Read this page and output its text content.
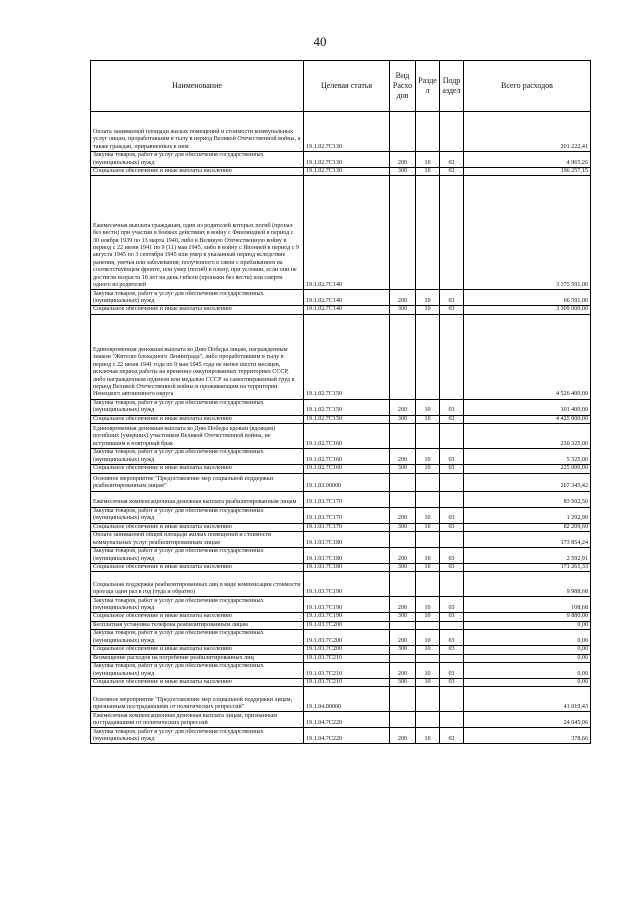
40
Наименование	Целевая статья	Вид Расхо дов	Разде л	Подр аздел	Всего расходов
Оплата занимаемой площади жилых помещений и стоимости коммунальных услуг лицам, проработавшим в тылу в период Великой Отечественной войны, а также граждан, приравненных к ним	19.1.02.7С130				201 222,41
Закупка товаров, работ и услуг для обеспечения государственных (муниципальных) нужд	19.1.02.7С130	200	10	03	4 965,26
Социальное обеспечение и иные выплаты населению	19.1.02.7С130	300	10	03	196 257,15
Ежемесячная выплата гражданам, один из родителей которых погиб (пропал без вести) при участии в боевых действиях в войну с Финляндией в период с 30 ноября 1939 по 13 марта 1940, либо в Великую Отечественную войну в период с 22 июня 1941 по 9 (11) мая 1945, либо в войну с Японией в период с 9 августа 1945 по 3 сентября 1945 или умер в указанный период вследствие ранения, увечья или заболевания, полученного в связи с пребыванием на соответствующем фронте, или умер (погиб) в плену, при условии, если они не достигли возраста 18 лет на день гибели (пропажи без вести) или смерти одного из родителей	19.1.02.7С140				3 375 591,00
Закупка товаров, работ и услуг для обеспечения государственных (муниципальных) нужд	19.1.02.7С140	200	10	03	66 591,00
Социальное обеспечение и иные выплаты населению	19.1.02.7С140	300	10	03	3 309 000,00
Единовременная денежная выплата ко Дню Победы лицам, награжденным знаком "Жителю блокадного Ленинграда", либо проработавшим в тылу в период с 22 июня 1941 года по 9 мая 1945 года не менее шести месяцев, исключая период работы на временно оккупированных территориях СССР, либо награжденным орденом или медалью СССР за самоотверженный труд в период Великой Отечественной войны и проживающим на территории Ненецкого автономного округа	19.1.02.7С150				4 526 400,00
Закупка товаров, работ и услуг для обеспечения государственных (муниципальных) нужд	19.1.02.7С150	200	10	03	101 400,00
Социальное обеспечение и иные выплаты населению	19.1.02.7С150	300	10	03	4 425 000,00
Единовременная денежная выплата ко Дню Победы вдовам (вдовцам) погибших (умерших) участников Великой Отечественной войны, не вступившим в повторный брак	19.1.02.7С160				230 325,00
Закупка товаров, работ и услуг для обеспечения государственных (муниципальных) нужд	19.1.02.7С160	200	10	03	5 325,00
Социальное обеспечение и иные выплаты населению	19.1.02.7С160	300	10	03	225 000,00
Основное мероприятие "Предоставление мер социальной поддержки реабилитированным лицам"	19.1.03.00000				267 345,42
Ежемесячная компенсационная денежная выплата реабилитированным лицам	19.1.03.7С170				83 502,50
Закупка товаров, работ и услуг для обеспечения государственных (муниципальных) нужд	19.1.03.7С170	200	10	03	1 292,90
Социальное обеспечение и иные выплаты населению	19.1.03.7С170	300	10	03	82 209,60
Оплата занимаемой общей площади жилых помещений и стоимости коммунальных услуг реабилитированным лицам	19.1.03.7С180				173 854,24
Закупка товаров, работ и услуг для обеспечения государственных (муниципальных) нужд	19.1.03.7С180	200	10	03	2 592,91
Социальное обеспечение и иные выплаты населению	19.1.03.7С180	300	10	03	171 261,33
Социальная поддержка реабилитированных лиц в виде компенсации стоимости проезда один раз в год (туда и обратно)	19.1.03.7С190				9 988,68
Закупка товаров, работ и услуг для обеспечения государственных (муниципальных) нужд	19.1.03.7С190	200	10	03	108,68
Социальное обеспечение и иные выплаты населению	19.1.03.7С190	300	10	03	9 880,00
Бесплатная установка телефона реабилитированным лицам	19.1.03.7С200				0,00
Закупка товаров, работ и услуг для обеспечения государственных (муниципальных) нужд	19.1.03.7С200	200	10	03	0,00
Социальное обеспечение и иные выплаты населению	19.1.03.7С200	300	10	03	0,00
Возмещение расходов на погребение реабилитированных лиц	19.1.03.7С210				0,00
Закупка товаров, работ и услуг для обеспечения государственных (муниципальных) нужд	19.1.03.7С210	200	10	03	0,00
Социальное обеспечение и иные выплаты населению	19.1.03.7С210	300	10	03	0,00
Основное мероприятие "Предоставление мер социальной поддержки лицам, признанным пострадавшими от политических репрессий"	19.1.04.00000				41 019,43
Ежемесячная компенсационная денежная выплата лицам, признанным пострадавшими от политических репрессий	19.1.04.7С220				24 045,06
Закупка товаров, работ и услуг для обеспечения государственных (муниципальных) нужд	19.1.04.7С220	200	10	03	378,66
